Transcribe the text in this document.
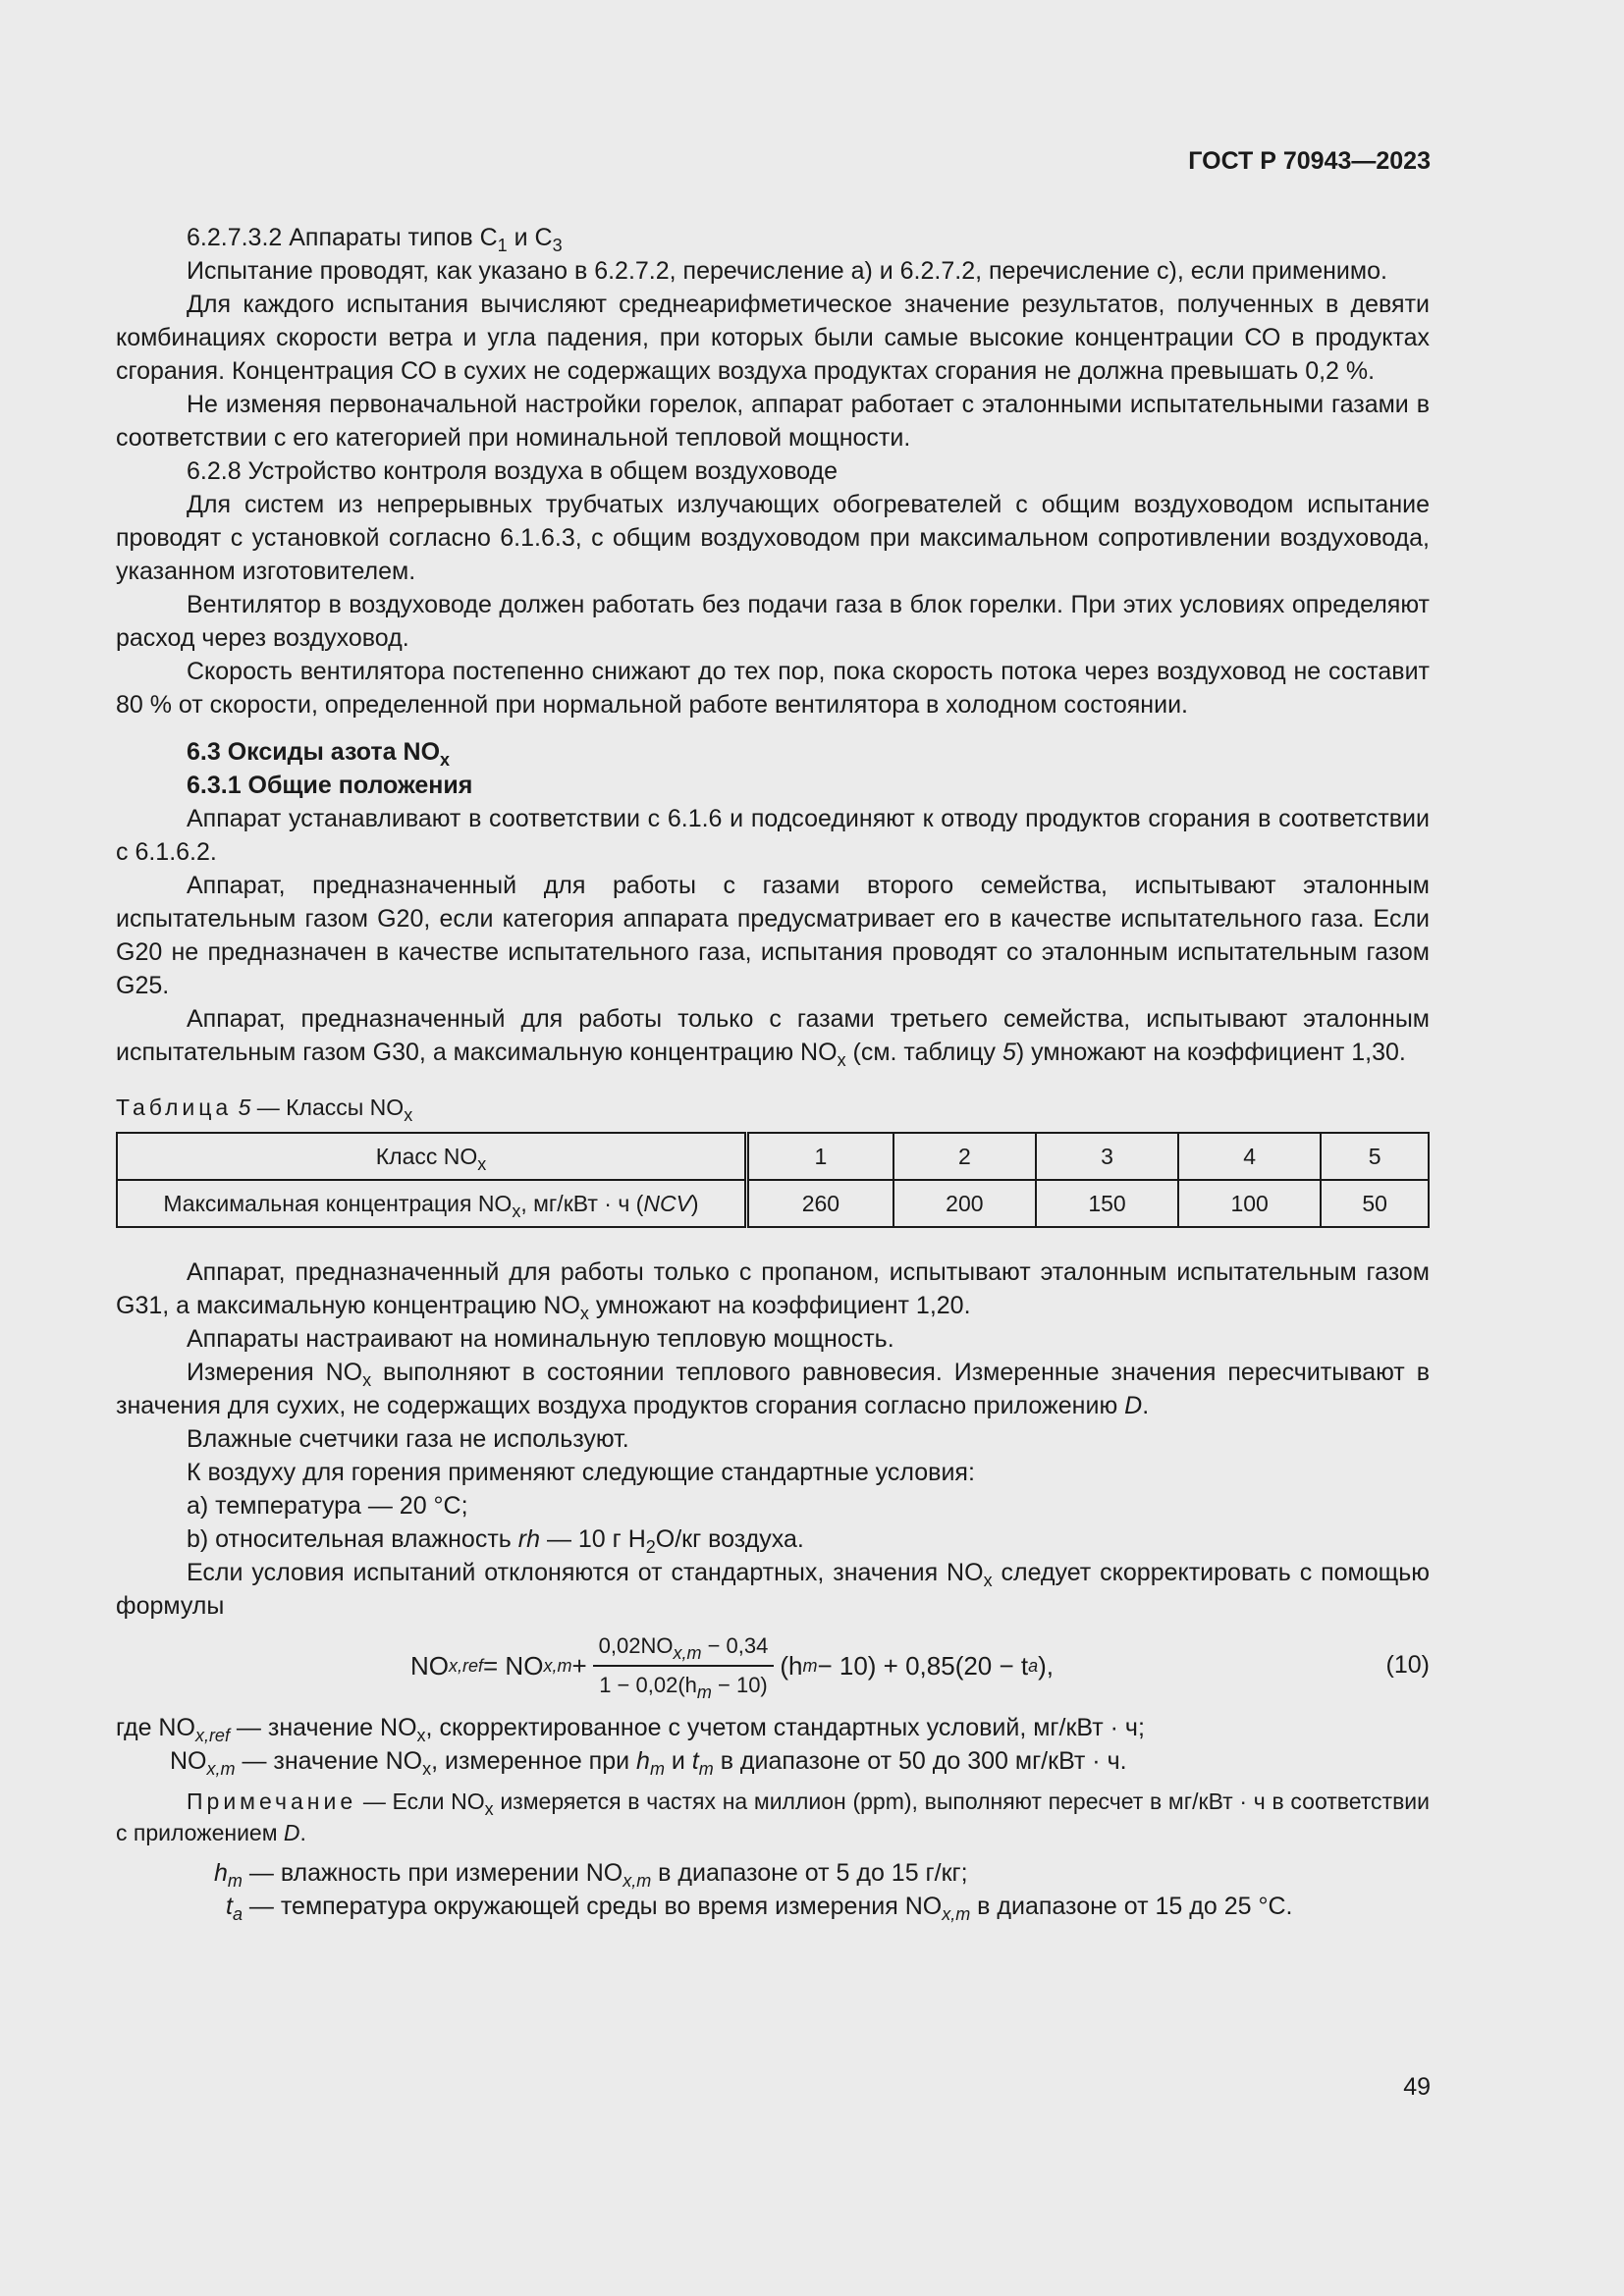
ГОСТ Р 70943—2023

6.2.7.3.2 Аппараты типов $С_1$ и $С_3$

Испытание проводят, как указано в 6.2.7.2, перечисление а) и 6.2.7.2, перечисление с), если применимо.

Для каждого испытания вычисляют среднеарифметическое значение результатов, полученных в девяти комбинациях скорости ветра и угла падения, при которых были самые высокие концентрации СО в продуктах сгорания. Концентрация СО в сухих не содержащих воздуха продуктах сгорания не должна превышать 0,2 %.

Не изменяя первоначальной настройки горелок, аппарат работает с эталонными испытательными газами в соответствии с его категорией при номинальной тепловой мощности.

6.2.8 Устройство контроля воздуха в общем воздуховоде

Для систем из непрерывных трубчатых излучающих обогревателей с общим воздуховодом испытание проводят с установкой согласно 6.1.6.3, с общим воздуховодом при максимальном сопротивлении воздуховода, указанном изготовителем.

Вентилятор в воздуховоде должен работать без подачи газа в блок горелки. При этих условиях определяют расход через воздуховод.

Скорость вентилятора постепенно снижают до тех пор, пока скорость потока через воздуховод не составит 80 % от скорости, определенной при нормальной работе вентилятора в холодном состоянии.

6.3 Оксиды азота $NO_x$

6.3.1 Общие положения

Аппарат устанавливают в соответствии с 6.1.6 и подсоединяют к отводу продуктов сгорания в соответствии с 6.1.6.2.

Аппарат, предназначенный для работы с газами второго семейства, испытывают эталонным испытательным газом G20, если категория аппарата предусматривает его в качестве испытательного газа. Если G20 не предназначен в качестве испытательного газа, испытания проводят со эталонным испытательным газом G25.

Аппарат, предназначенный для работы только с газами третьего семейства, испытывают эталонным испытательным газом G30, а максимальную концентрацию $NO_x$ (см. таблицу 5) умножают на коэффициент 1,30.

Таблица 5 — Классы $NO_x$
Класс $NO_x$	1	2	3	4	5
Максимальная концентрация $NO_x$, мг/кВт · ч (NCV)	260	200	150	100	50

Аппарат, предназначенный для работы только с пропаном, испытывают эталонным испытательным газом G31, а максимальную концентрацию $NO_x$ умножают на коэффициент 1,20.

Аппараты настраивают на номинальную тепловую мощность.

Измерения $NO_x$ выполняют в состоянии теплового равновесия. Измеренные значения пересчитывают в значения для сухих, не содержащих воздуха продуктов сгорания согласно приложению D.

Влажные счетчики газа не используют.

К воздуху для горения применяют следующие стандартные условия:

a) температура — 20 °С;

b) относительная влажность rh — 10 г $H_2O/кг$ воздуха.

Если условия испытаний отклоняются от стандартных, значения $NO_x$ следует скорректировать с помощью формулы

NO x,ref = NO $x,m + \frac{0,02NO_{x,m} - 0,34}{1 - 0,02(h_m - 10)} (h$ m − 10) + 0,85(20 − t a ),	(10)

где $NO_{x,ref}$ — значение $NO_x$, скорректированное с учетом стандартных условий, мг/кВт · ч;

$NO_{x,m}$ — значение $NO_x$, измеренное при $h_m$ и $t_m$ в диапазоне от 50 до 300 мг/кВт · ч.

Примечание — Если $NO_x$ измеряется в частях на миллион (ppm), выполняют пересчет в мг/кВт · ч в соответствии с приложением D.

$h_m$ — влажность при измерении $NO_{x,m}$ в диапазоне от 5 до 15 г/кг;

$t_a$ — температура окружающей среды во время измерения $NO_{x,m}$ в диапазоне от 15 до 25 °С.

49
